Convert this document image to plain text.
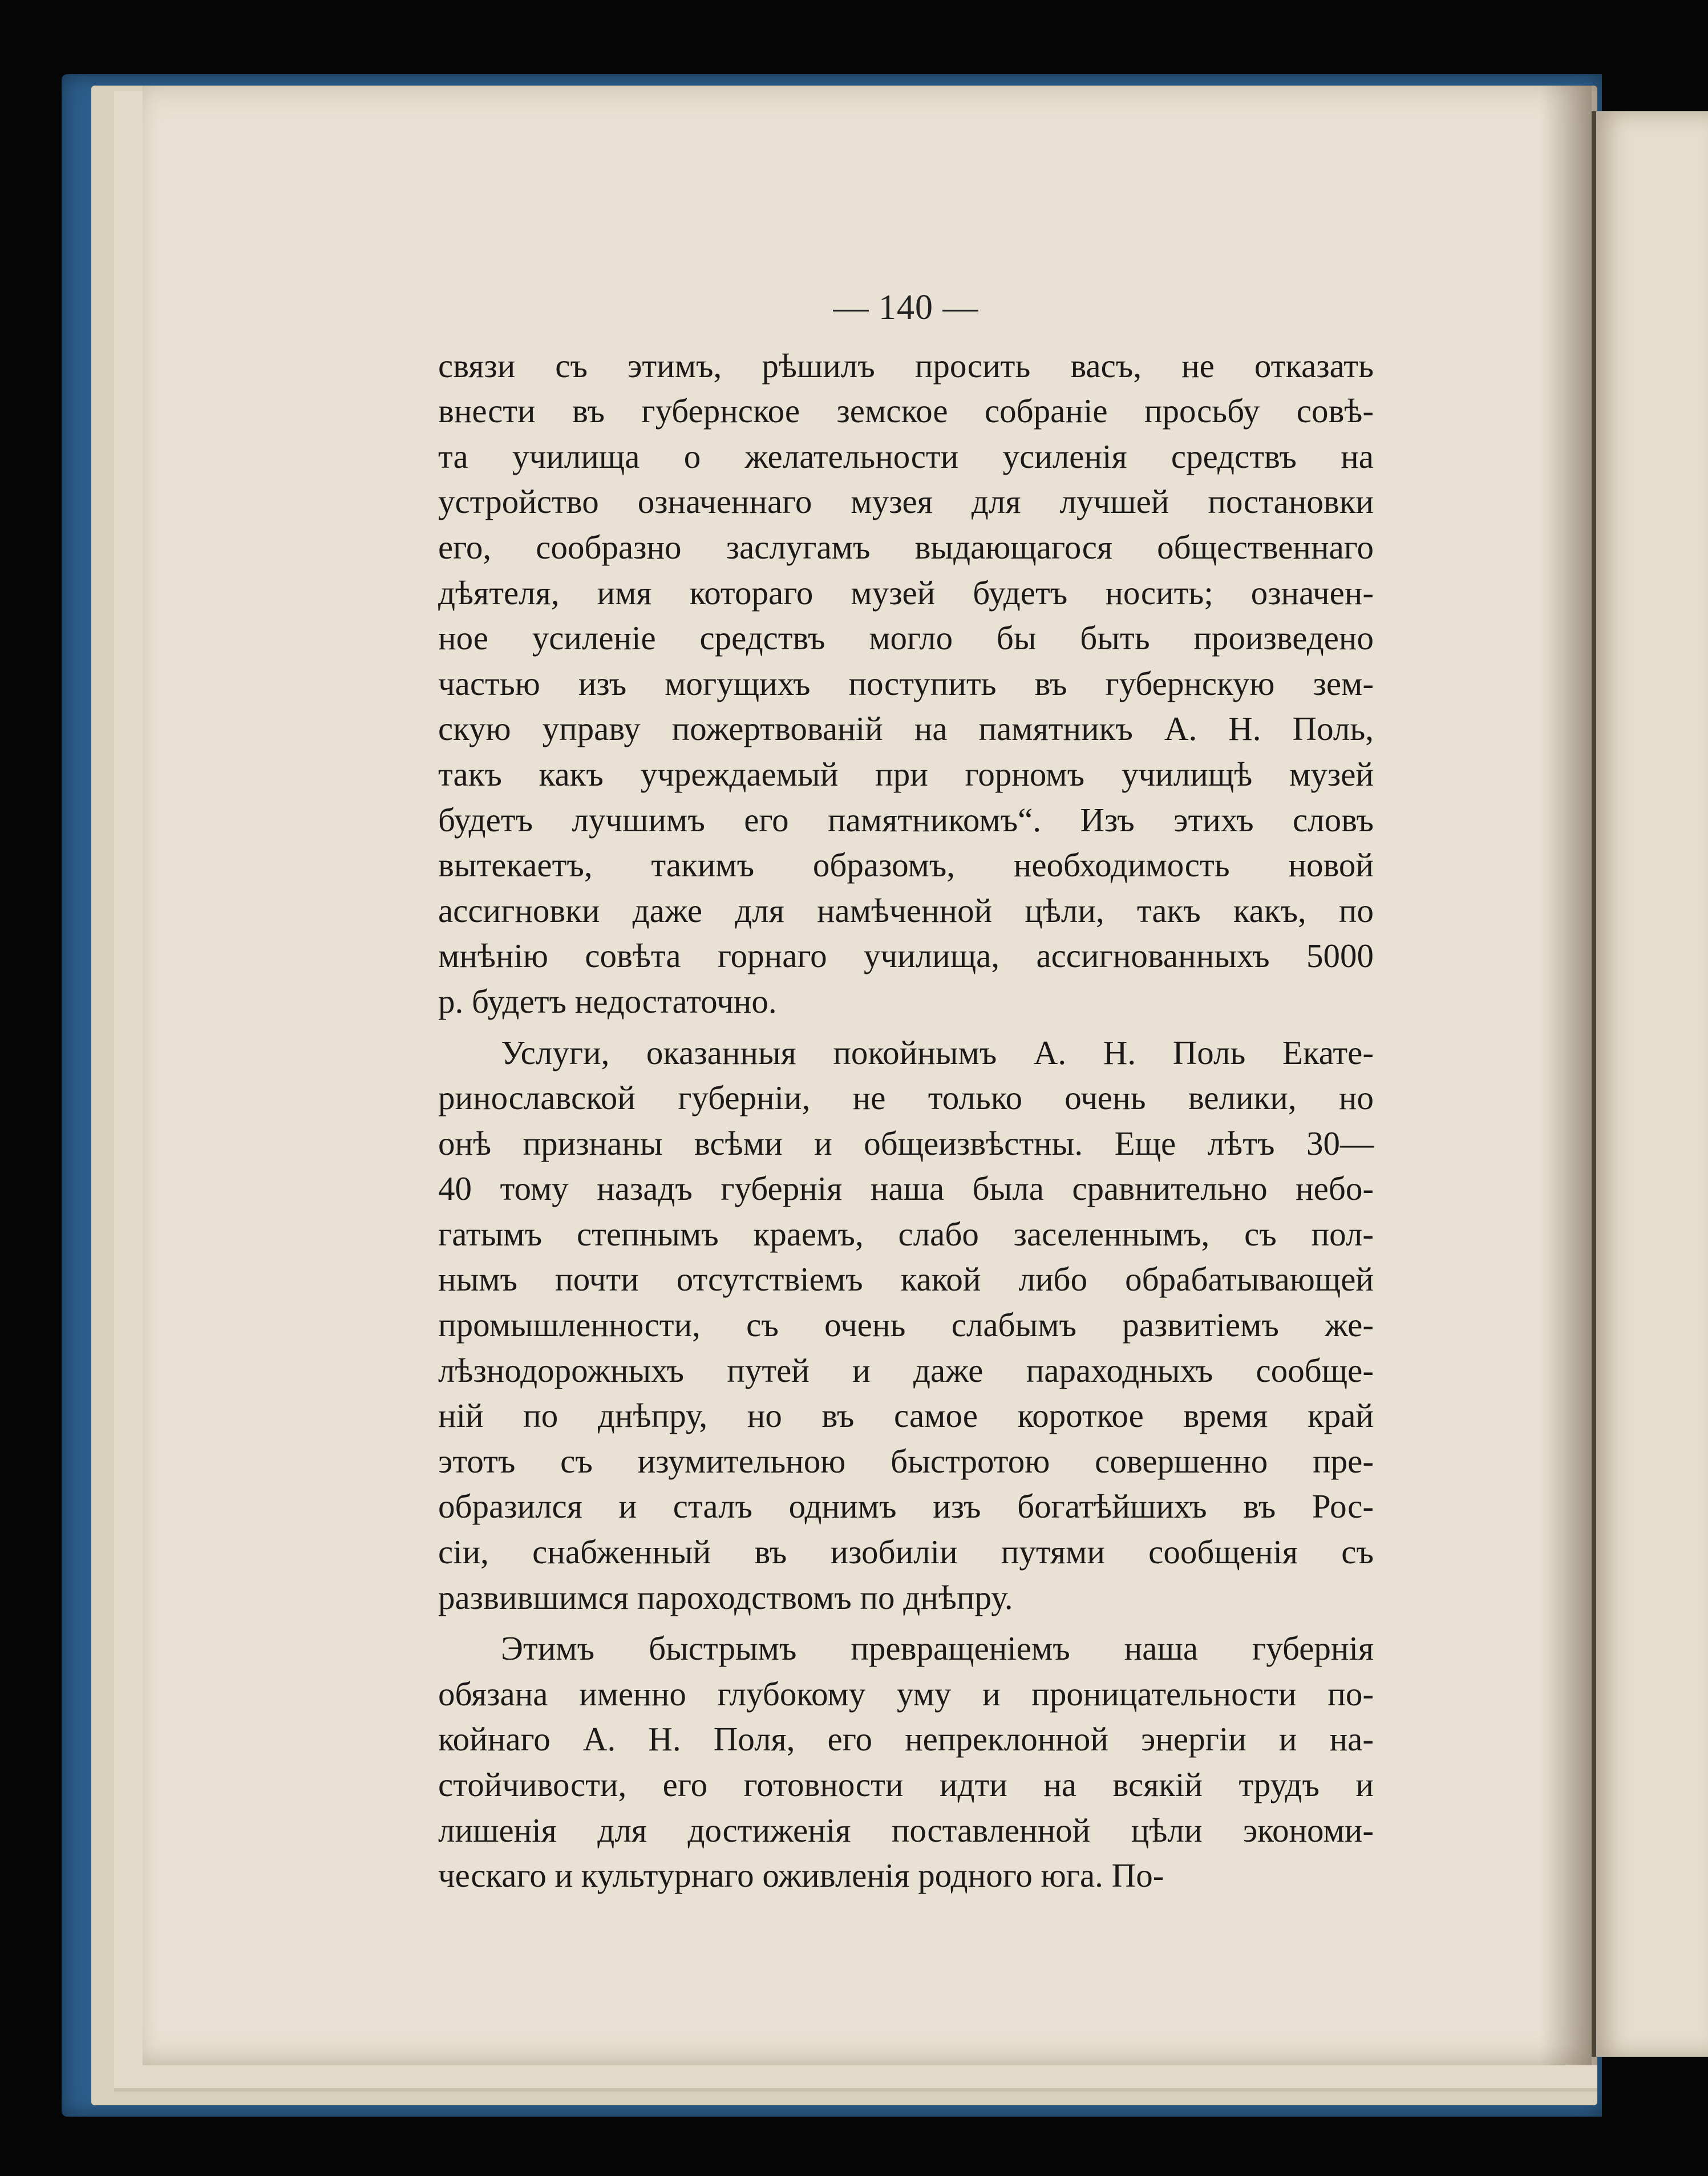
— 140 —
связи съ этимъ, рѣшилъ просить васъ, не отказать
внести въ губернское земское собраніе просьбу совѣ-
та училища о желательности усиленія средствъ на
устройство означеннаго музея для лучшей постановки
его, сообразно заслугамъ выдающагося общественнаго
дѣятеля, имя котораго музей будетъ носить; означен-
ное усиленіе средствъ могло бы быть произведено
частью изъ могущихъ поступить въ губернскую зем-
скую управу пожертвованій на памятникъ А. Н. Поль,
такъ какъ учреждаемый при горномъ училищѣ музей
будетъ лучшимъ его памятникомъ“. Изъ этихъ словъ
вытекаетъ, такимъ образомъ, необходимость новой
ассигновки даже для намѣченной цѣли, такъ какъ, по
мнѣнію совѣта горнаго училища, ассигнованныхъ 5000
р. будетъ недостаточно.
Услуги, оказанныя покойнымъ А. Н. Поль Екате-
ринославской губерніи, не только очень велики, но
онѣ признаны всѣми и общеизвѣстны. Еще лѣтъ 30—
40 тому назадъ губернія наша была сравнительно небо-
гатымъ степнымъ краемъ, слабо заселеннымъ, съ пол-
нымъ почти отсутствіемъ какой либо обрабатывающей
промышленности, съ очень слабымъ развитіемъ же-
лѣзнодорожныхъ путей и даже параходныхъ сообще-
ній по днѣпру, но въ самое короткое время край
этотъ съ изумительною быстротою совершенно пре-
образился и сталъ однимъ изъ богатѣйшихъ въ Рос-
сіи, снабженный въ изобиліи путями сообщенія съ
развившимся пароходствомъ по днѣпру.
Этимъ быстрымъ превращеніемъ наша губернія
обязана именно глубокому уму и проницательности по-
койнаго А. Н. Поля, его непреклонной энергіи и на-
стойчивости, его готовности идти на всякій трудъ и
лишенія для достиженія поставленной цѣли экономи-
ческаго и культурнаго оживленія родного юга. По-
